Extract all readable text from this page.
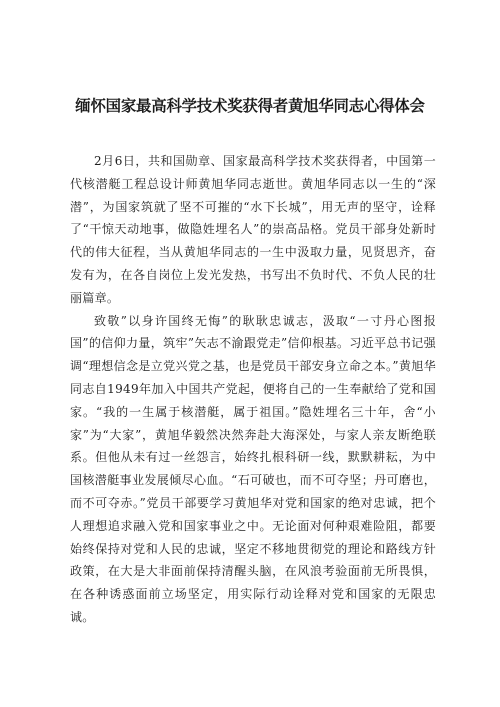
缅怀国家最高科学技术奖获得者黄旭华同志心得体会

2月6日，共和国勋章、国家最高科学技术奖获得者，中国第一代核潜艇工程总设计师黄旭华同志逝世。黄旭华同志以一生的“深潜”，为国家筑就了坚不可摧的“水下长城”，用无声的坚守，诠释了“干惊天动地事，做隐姓埋名人”的崇高品格。党员干部身处新时代的伟大征程，当从黄旭华同志的一生中汲取力量，见贤思齐，奋发有为，在各自岗位上发光发热，书写出不负时代、不负人民的壮丽篇章。

致敬”以身许国终无悔”的耿耿忠诚志，汲取“一寸丹心图报国”的信仰力量，筑牢”矢志不渝跟党走”信仰根基。习近平总书记强调“理想信念是立党兴党之基，也是党员干部安身立命之本。”黄旭华同志自1949年加入中国共产党起，便将自己的一生奉献给了党和国家。“我的一生属于核潜艇，属于祖国。”隐姓埋名三十年，舍“小家”为“大家”，黄旭华毅然决然奔赴大海深处，与家人亲友断绝联系。但他从未有过一丝怨言，始终扎根科研一线，默默耕耘，为中国核潜艇事业发展倾尽心血。“石可破也，而不可夺坚；丹可磨也，而不可夺赤。”党员干部要学习黄旭华对党和国家的绝对忠诚，把个人理想追求融入党和国家事业之中。无论面对何种艰难险阻，都要始终保持对党和人民的忠诚，坚定不移地贯彻党的理论和路线方针政策，在大是大非面前保持清醒头脑，在风浪考验面前无所畏惧，在各种诱惑面前立场坚定，用实际行动诠释对党和国家的无限忠诚。
